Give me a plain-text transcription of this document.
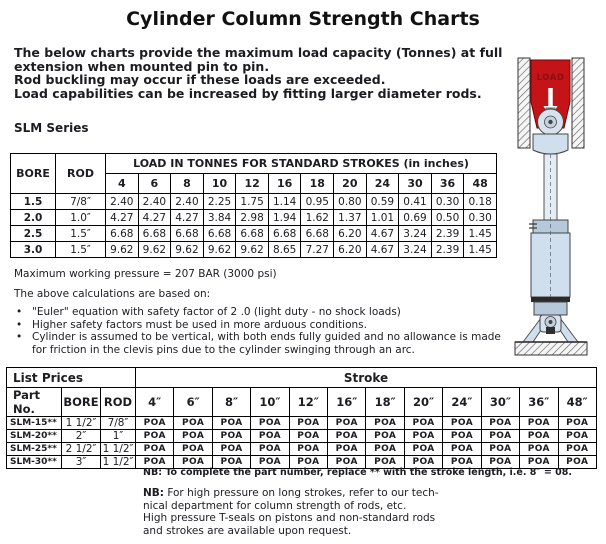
Cylinder Column Strength Charts
The below charts provide the maximum load capacity (Tonnes) at full
extension when mounted pin to pin.
Rod buckling may occur if these loads are exceeded.
Load capabilities can be increased by fitting larger diameter rods.
SLM Series
BORE	ROD	LOAD IN TONNES FOR STANDARD STROKES (in inches)											
		4	6	8	10	12	16	18	20	24	30	36	48
1.5	7/8″	2.40	2.40	2.40	2.25	1.75	1.14	0.95	0.80	0.59	0.41	0.30	0.18
2.0	1.0″	4.27	4.27	4.27	3.84	2.98	1.94	1.62	1.37	1.01	0.69	0.50	0.30
2.5	1.5″	6.68	6.68	6.68	6.68	6.68	6.68	6.68	6.20	4.67	3.24	2.39	1.45
3.0	1.5″	9.62	9.62	9.62	9.62	9.62	8.65	7.27	6.20	4.67	3.24	2.39	1.45
Maximum working pressure = 207 BAR (3000 psi)
The above calculations are based on:
• "Euler" equation with safety factor of 2 .0 (light duty - no shock loads)
• Higher safety factors must be used in more arduous conditions.
• Cylinder is assumed to be vertical, with both ends fully guided and no allowance is made for friction in the clevis pins due to the cylinder swinging through an arc.
List Prices			Stroke											
Part No.	BORE	ROD	4″	6″	8″	10″	12″	16″	18″	20″	24″	30″	36″	48″
SLM-15**	1 1/2″	7/8″	POA	POA	POA	POA	POA	POA	POA	POA	POA	POA	POA	POA
SLM-20**	2″	1″	POA	POA	POA	POA	POA	POA	POA	POA	POA	POA	POA	POA
SLM-25**	2 1/2″	1 1/2″	POA	POA	POA	POA	POA	POA	POA	POA	POA	POA	POA	POA
SLM-30**	3″	1 1/2″	POA	POA	POA	POA	POA	POA	POA	POA	POA	POA	POA	POA
NB: To complete the part number, replace ** with the stroke length, i.e. 8″ = 08.
NB: For high pressure on long strokes, refer to our tech-
nical department for column strength of rods, etc.
High pressure T-seals on pistons and non-standard rods
and strokes are available upon request.
LOAD
